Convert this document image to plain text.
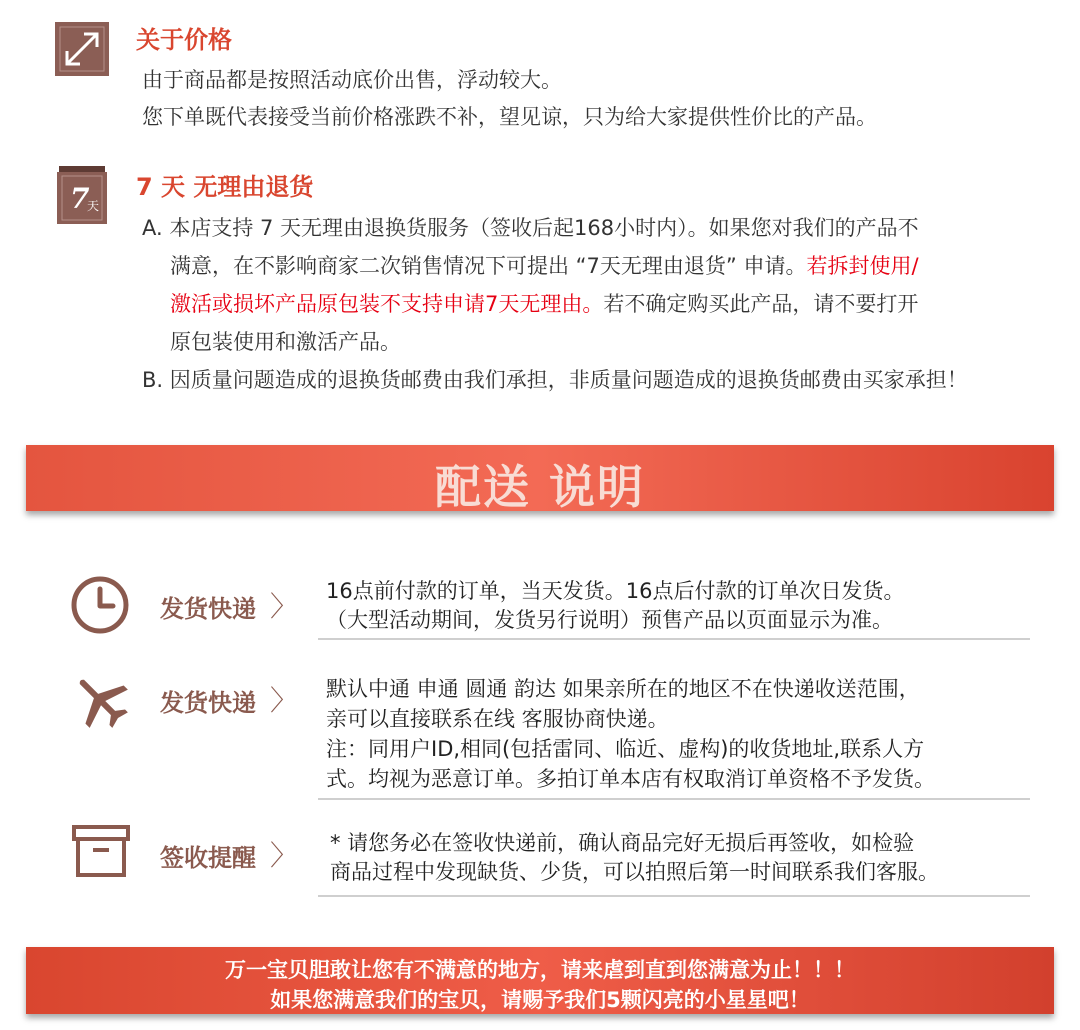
关于价格
由于商品都是按照活动底价出售，浮动较大。
您下单既代表接受当前价格涨跌不补，望见谅，只为给大家提供性价比的产品。
7
天
7 天 无理由退货
A. 本店支持 7 天无理由退换货服务（签收后起168小时内）。如果您对我们的产品不
满意，在不影响商家二次销售情况下可提出 “7天无理由退货” 申请。若拆封使用/
激活或损坏产品原包装不支持申请7天无理由。若不确定购买此产品，请不要打开
原包装使用和激活产品。
B. 因质量问题造成的退换货邮费由我们承担，非质量问题造成的退换货邮费由买家承担！
配送 说明
发货快递 〉 16点前付款的订单，当天发货。16点后付款的订单次日发货。
（大型活动期间，发货另行说明）预售产品以页面显示为准。
发货快递 〉 默认中通 申通 圆通 韵达 如果亲所在的地区不在快递收送范围，
亲可以直接联系在线 客服协商快递。
注：同用户ID,相同(包括雷同、临近、虚构)的收货地址,联系人方
式。均视为恶意订单。多拍订单本店有权取消订单资格不予发货。
签收提醒 〉 * 请您务必在签收快递前，确认商品完好无损后再签收，如检验
商品过程中发现缺货、少货，可以拍照后第一时间联系我们客服。
万一宝贝胆敢让您有不满意的地方，请来虐到直到您满意为止！！！
如果您满意我们的宝贝，请赐予我们5颗闪亮的小星星吧！
